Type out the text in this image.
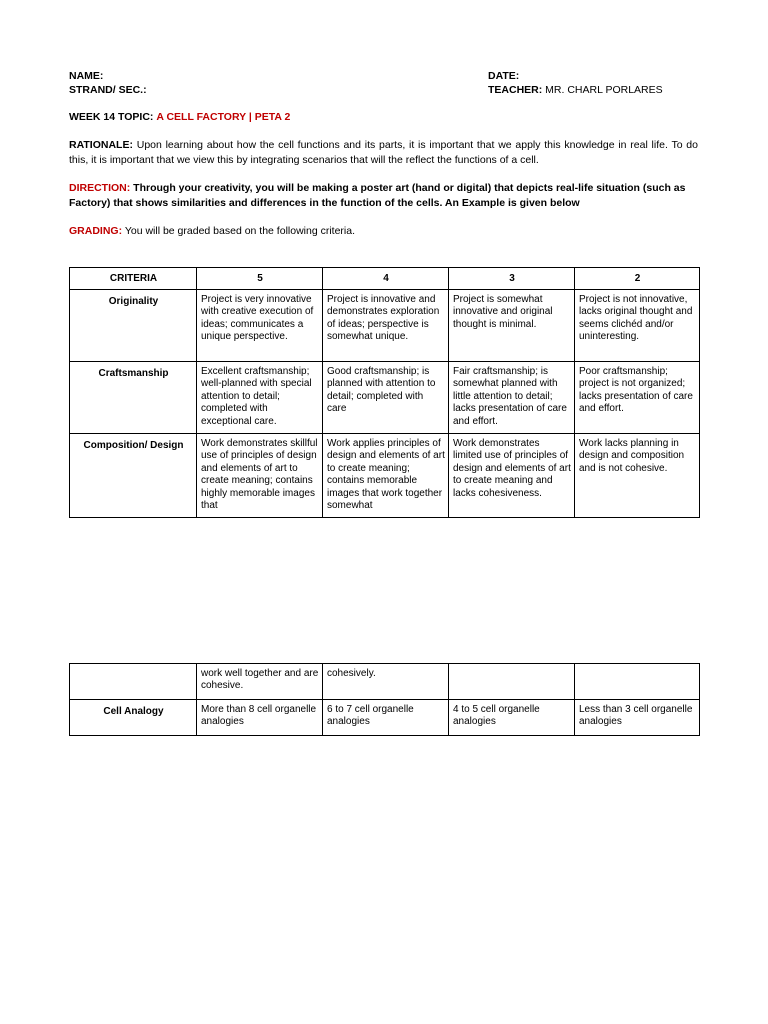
NAME:
STRAND/ SEC.:
DATE:
TEACHER: MR. CHARL PORLARES
WEEK 14 TOPIC: A CELL FACTORY | PETA 2

RATIONALE: Upon learning about how the cell functions and its parts, it is important that we apply this knowledge in real life. To do this, it is important that we view this by integrating scenarios that will the reflect the functions of a cell.

DIRECTION: Through your creativity, you will be making a poster art (hand or digital) that depicts real-life situation (such as Factory) that shows similarities and differences in the function of the cells. An Example is given below

GRADING: You will be graded based on the following criteria.
CRITERIA	5	4	3	2
Originality	Project is very innovative with creative execution of ideas; communicates a unique perspective.	Project is innovative and demonstrates exploration of ideas; perspective is somewhat unique.	Project is somewhat innovative and original thought is minimal.	Project is not innovative, lacks original thought and seems clichéd and/or uninteresting.
Craftsmanship	Excellent craftsmanship; well-planned with special attention to detail; completed with exceptional care.	Good craftsmanship; is planned with attention to detail; completed with care	Fair craftsmanship; is somewhat planned with little attention to detail; lacks presentation of care and effort.	Poor craftsmanship; project is not organized; lacks presentation of care and effort.
Composition/ Design	Work demonstrates skillful use of principles of design and elements of art to create meaning; contains highly memorable images that	Work applies principles of design and elements of art to create meaning; contains memorable images that work together somewhat	Work demonstrates limited use of principles of design and elements of art to create meaning and lacks cohesiveness.	Work lacks planning in design and composition and is not cohesive.
	work well together and are cohesive.	cohesively.		
Cell Analogy	More than 8 cell organelle analogies	6 to 7 cell organelle analogies	4 to 5 cell organelle analogies	Less than 3 cell organelle analogies
